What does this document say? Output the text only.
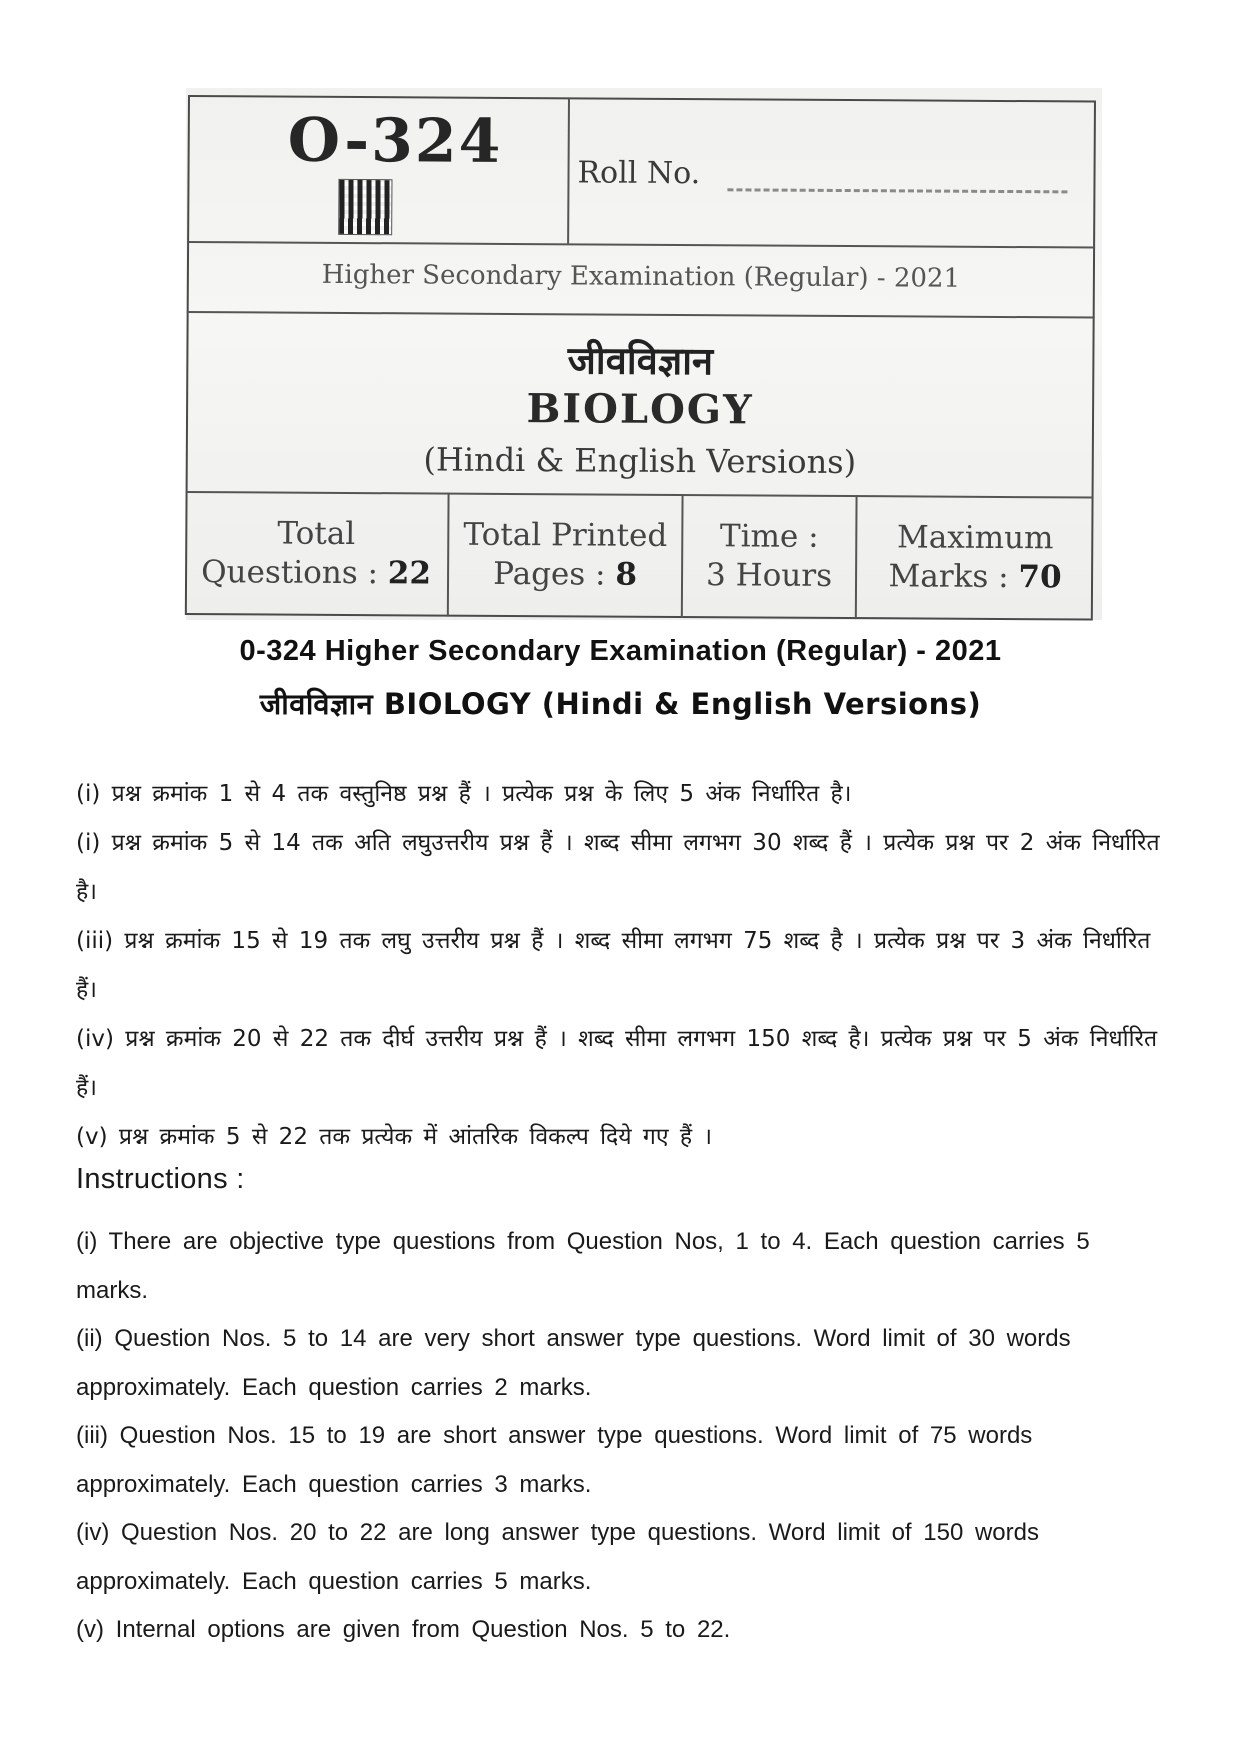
O-324 Roll No.
Higher Secondary Examination (Regular) - 2021
जीवविज्ञान
BIOLOGY
(Hindi & English Versions)
Total
Questions : 22
Total Printed
Pages : 8
Time :
3 Hours
Maximum
Marks : 70
0-324 Higher Secondary Examination (Regular) - 2021
जीवविज्ञान BIOLOGY (Hindi & English Versions)

(i) प्रश्न क्रमांक 1 से 4 तक वस्तुनिष्ठ प्रश्न हैं । प्रत्येक प्रश्न के लिए 5 अंक निर्धारित है।

(i) प्रश्न क्रमांक 5 से 14 तक अति लघुउत्तरीय प्रश्न हैं । शब्द सीमा लगभग 30 शब्द हैं । प्रत्येक प्रश्न पर 2 अंक निर्धारित है।

(iii) प्रश्न क्रमांक 15 से 19 तक लघु उत्तरीय प्रश्न हैं । शब्द सीमा लगभग 75 शब्द है । प्रत्येक प्रश्न पर 3 अंक निर्धारित हैं।

(iv) प्रश्न क्रमांक 20 से 22 तक दीर्घ उत्तरीय प्रश्न हैं । शब्द सीमा लगभग 150 शब्द है। प्रत्येक प्रश्न पर 5 अंक निर्धारित हैं।

(v) प्रश्न क्रमांक 5 से 22 तक प्रत्येक में आंतरिक विकल्प दिये गए हैं ।

Instructions :

(i) There are objective type questions from Question Nos, 1 to 4. Each question carries 5 marks.

(ii) Question Nos. 5 to 14 are very short answer type questions. Word limit of 30 words approximately. Each question carries 2 marks.

(iii) Question Nos. 15 to 19 are short answer type questions. Word limit of 75 words approximately. Each question carries 3 marks.

(iv) Question Nos. 20 to 22 are long answer type questions. Word limit of 150 words approximately. Each question carries 5 marks.

(v) Internal options are given from Question Nos. 5 to 22.
